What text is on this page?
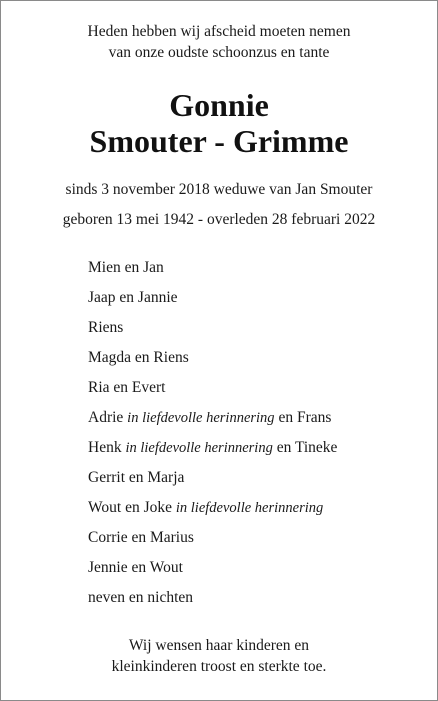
Heden hebben wij afscheid moeten nemen
van onze oudste schoonzus en tante
Gonnie
Smouter - Grimme
sinds 3 november 2018 weduwe van Jan Smouter
geboren 13 mei 1942 - overleden 28 februari 2022
Mien en Jan
Jaap en Jannie
Riens
Magda en Riens
Ria en Evert
Adrie in liefdevolle herinnering en Frans
Henk in liefdevolle herinnering en Tineke
Gerrit en Marja
Wout en Joke in liefdevolle herinnering
Corrie en Marius
Jennie en Wout
neven en nichten
Wij wensen haar kinderen en
kleinkinderen troost en sterkte toe.
